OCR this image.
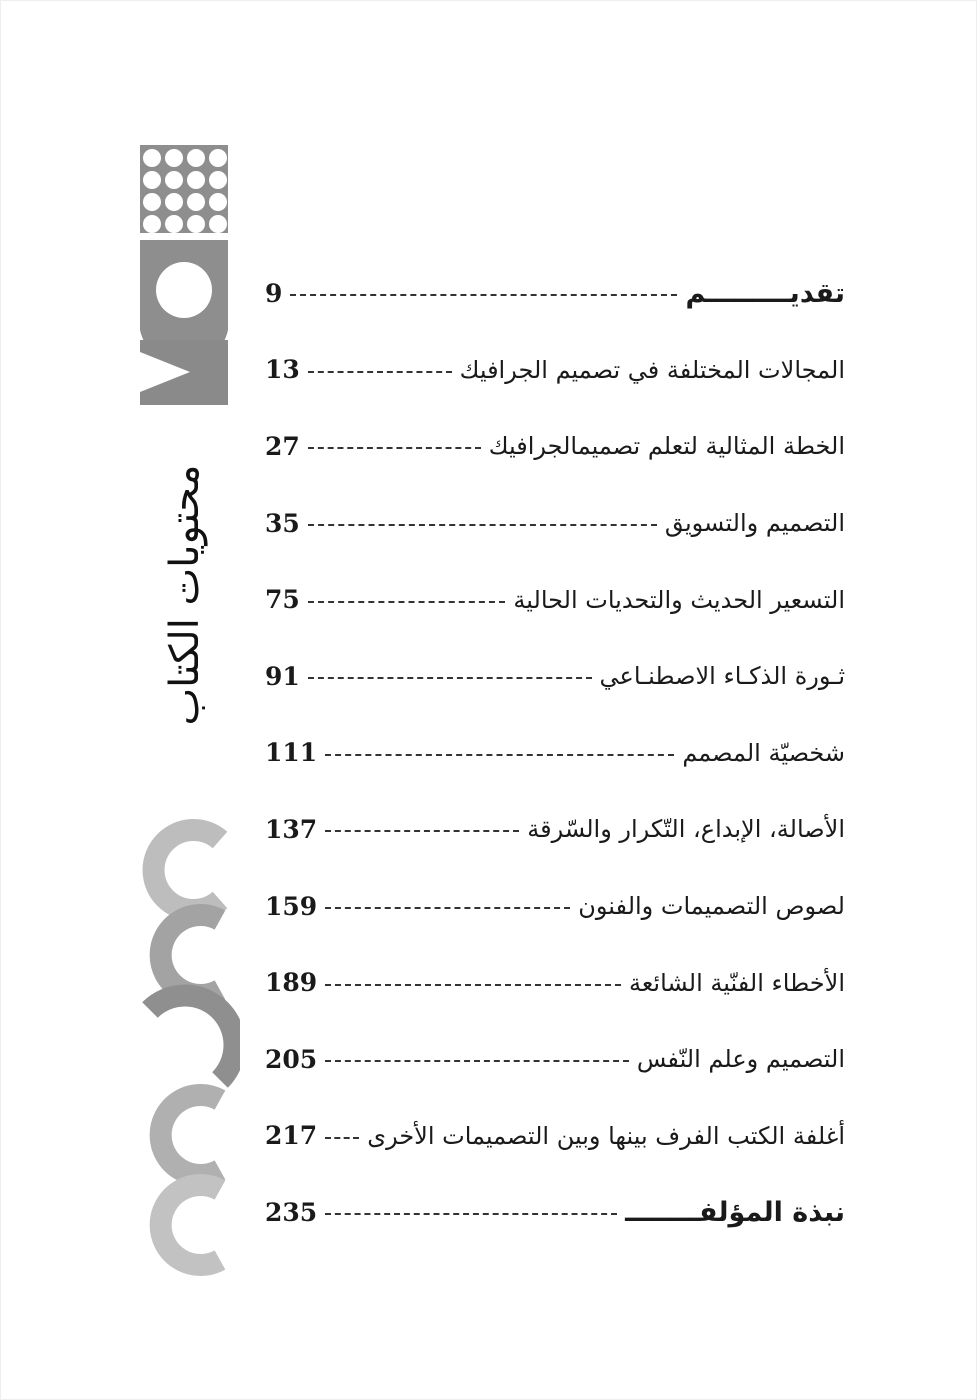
محتويات الكتاب
تقديـــــــــم
9
المجالات المختلفة في تصميم الجرافيك
13
الخطة المثالية لتعلم تصميمالجرافيك
27
التصميم والتسويق
35
التسعير الحديث والتحديات الحالية
75
ثـورة الذكـاء الاصطنـاعي
91
شخصيّة المصمم
111
الأصالة، الإبداع، التّكرار والسّرقة
137
لصوص التصميمات والفنون
159
الأخطاء الفنّية الشائعة
189
التصميم وعلم النّفس
205
أغلفة الكتب الفرف بينها وبين التصميمات الأخرى
217
نبذة المؤلفــــــــ
235
